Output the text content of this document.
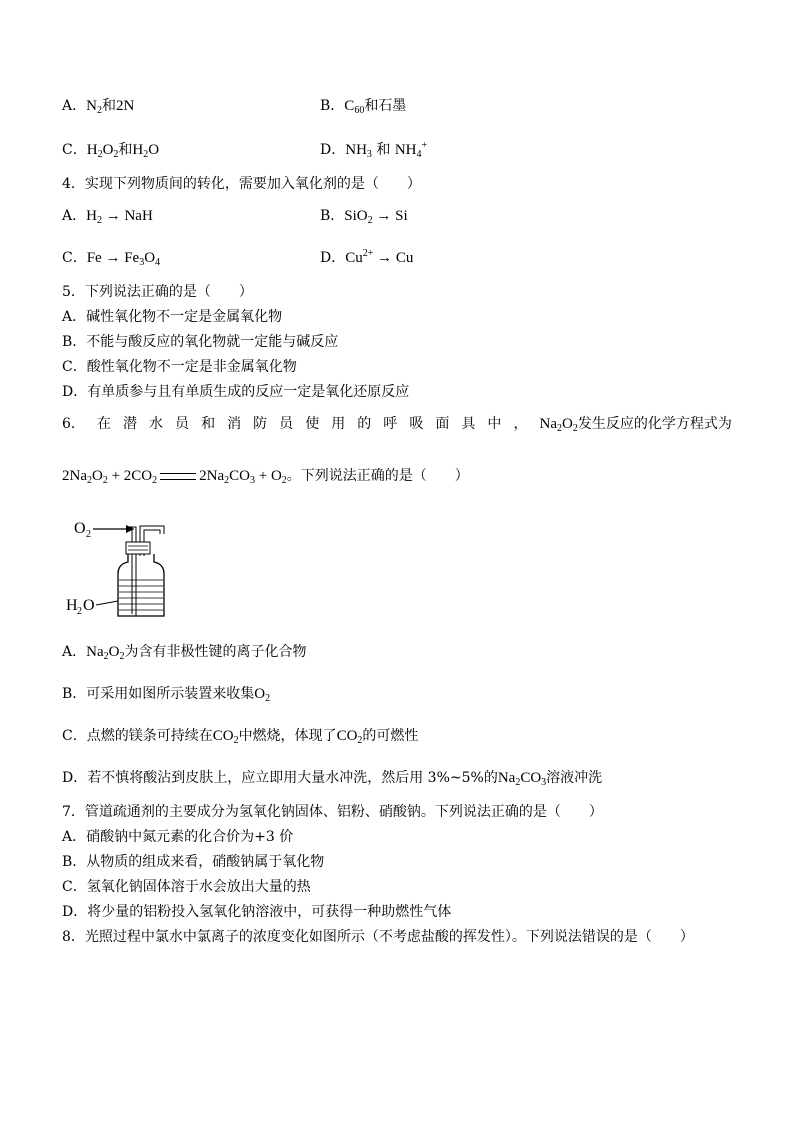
A．$N_2$和2N	B．$C_{60}$和石墨
C．$H_2O_2$和$H_2O$	D．$NH_3$ 和 $NH_4^+$
4．实现下列物质间的转化，需要加入氧化剂的是（　　）
A．$H_2$ → NaH	B．SiO$_2$ → Si
C．$Fe \to Fe_3O_4$	D．$Cu^{2+} \to Cu$
5．下列说法正确的是（　　）
A．碱性氧化物不一定是金属氧化物
B．不能与酸反应的氧化物就一定能与碱反应
C．酸性氧化物不一定是非金属氧化物
D．有单质参与且有单质生成的反应一定是氧化还原反应
6． 在 潜 水 员 和 消 防 员 使 用 的 呼 吸 面 具 中 ， $Na_2O_2$发生反应的化学方程式为
$2Na_2O_2 + 2CO_2$	$2Na_2CO_3 + O_2$。下列说法正确的是（　　）
O 2
H 2 O
A．$Na_2O_2$为含有非极性键的离子化合物
B．可采用如图所示装置来收集$O_2$
C．点燃的镁条可持续在$CO_2$中燃烧，体现了$CO_2$的可燃性
D．若不慎将酸沾到皮肤上，应立即用大量水冲洗，然后用 3%~5%的$Na_2CO_3$溶液冲洗
7．管道疏通剂的主要成分为氢氧化钠固体、铝粉、硝酸钠。下列说法正确的是（　　）
A．硝酸钠中氮元素的化合价为+3 价
B．从物质的组成来看，硝酸钠属于氧化物
C．氢氧化钠固体溶于水会放出大量的热
D．将少量的铝粉投入氢氧化钠溶液中，可获得一种助燃性气体
8．光照过程中氯水中氯离子的浓度变化如图所示（不考虑盐酸的挥发性）。下列说法错误的是（　　）
